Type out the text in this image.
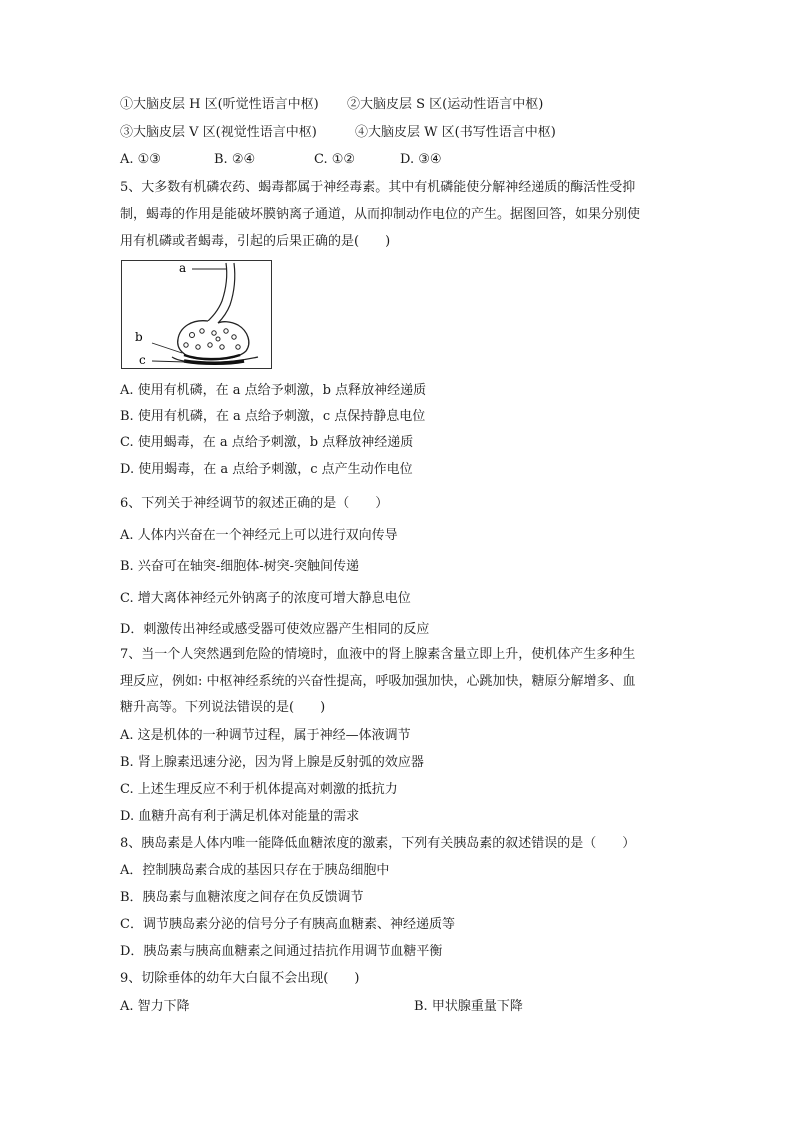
①大脑皮层 H 区(听觉性语言中枢) ②大脑皮层 S 区(运动性语言中枢)
③大脑皮层 V 区(视觉性语言中枢)	④大脑皮层 W 区(书写性语言中枢)
A. ①③	B. ②④	C. ①②	D. ③④
5、大多数有机磷农药、蝎毒都属于神经毒素。其中有机磷能使分解神经递质的酶活性受抑
制，蝎毒的作用是能破坏膜钠离子通道，从而抑制动作电位的产生。据图回答，如果分别使
用有机磷或者蝎毒，引起的后果正确的是(　　)
a
b
c
A. 使用有机磷，在 a 点给予刺激，b 点释放神经递质
B. 使用有机磷，在 a 点给予刺激，c 点保持静息电位
C. 使用蝎毒，在 a 点给予刺激，b 点释放神经递质
D. 使用蝎毒，在 a 点给予刺激，c 点产生动作电位
6、下列关于神经调节的叙述正确的是（　　）
A. 人体内兴奋在一个神经元上可以进行双向传导
B. 兴奋可在轴突-细胞体-树突-突触间传递
C. 增大离体神经元外钠离子的浓度可增大静息电位
D．刺激传出神经或感受器可使效应器产生相同的反应
7、当一个人突然遇到危险的情境时，血液中的肾上腺素含量立即上升，使机体产生多种生
理反应，例如: 中枢神经系统的兴奋性提高，呼吸加强加快，心跳加快，糖原分解增多、血
糖升高等。下列说法错误的是(　　)
A. 这是机体的一种调节过程，属于神经—体液调节
B. 肾上腺素迅速分泌，因为肾上腺是反射弧的效应器
C. 上述生理反应不利于机体提高对刺激的抵抗力
D. 血糖升高有利于满足机体对能量的需求
8、胰岛素是人体内唯一能降低血糖浓度的激素，下列有关胰岛素的叙述错误的是（　　）
A．控制胰岛素合成的基因只存在于胰岛细胞中
B．胰岛素与血糖浓度之间存在负反馈调节
C．调节胰岛素分泌的信号分子有胰高血糖素、神经递质等
D．胰岛素与胰高血糖素之间通过拮抗作用调节血糖平衡
9、切除垂体的幼年大白鼠不会出现(　　)
A. 智力下降	B. 甲状腺重量下降
